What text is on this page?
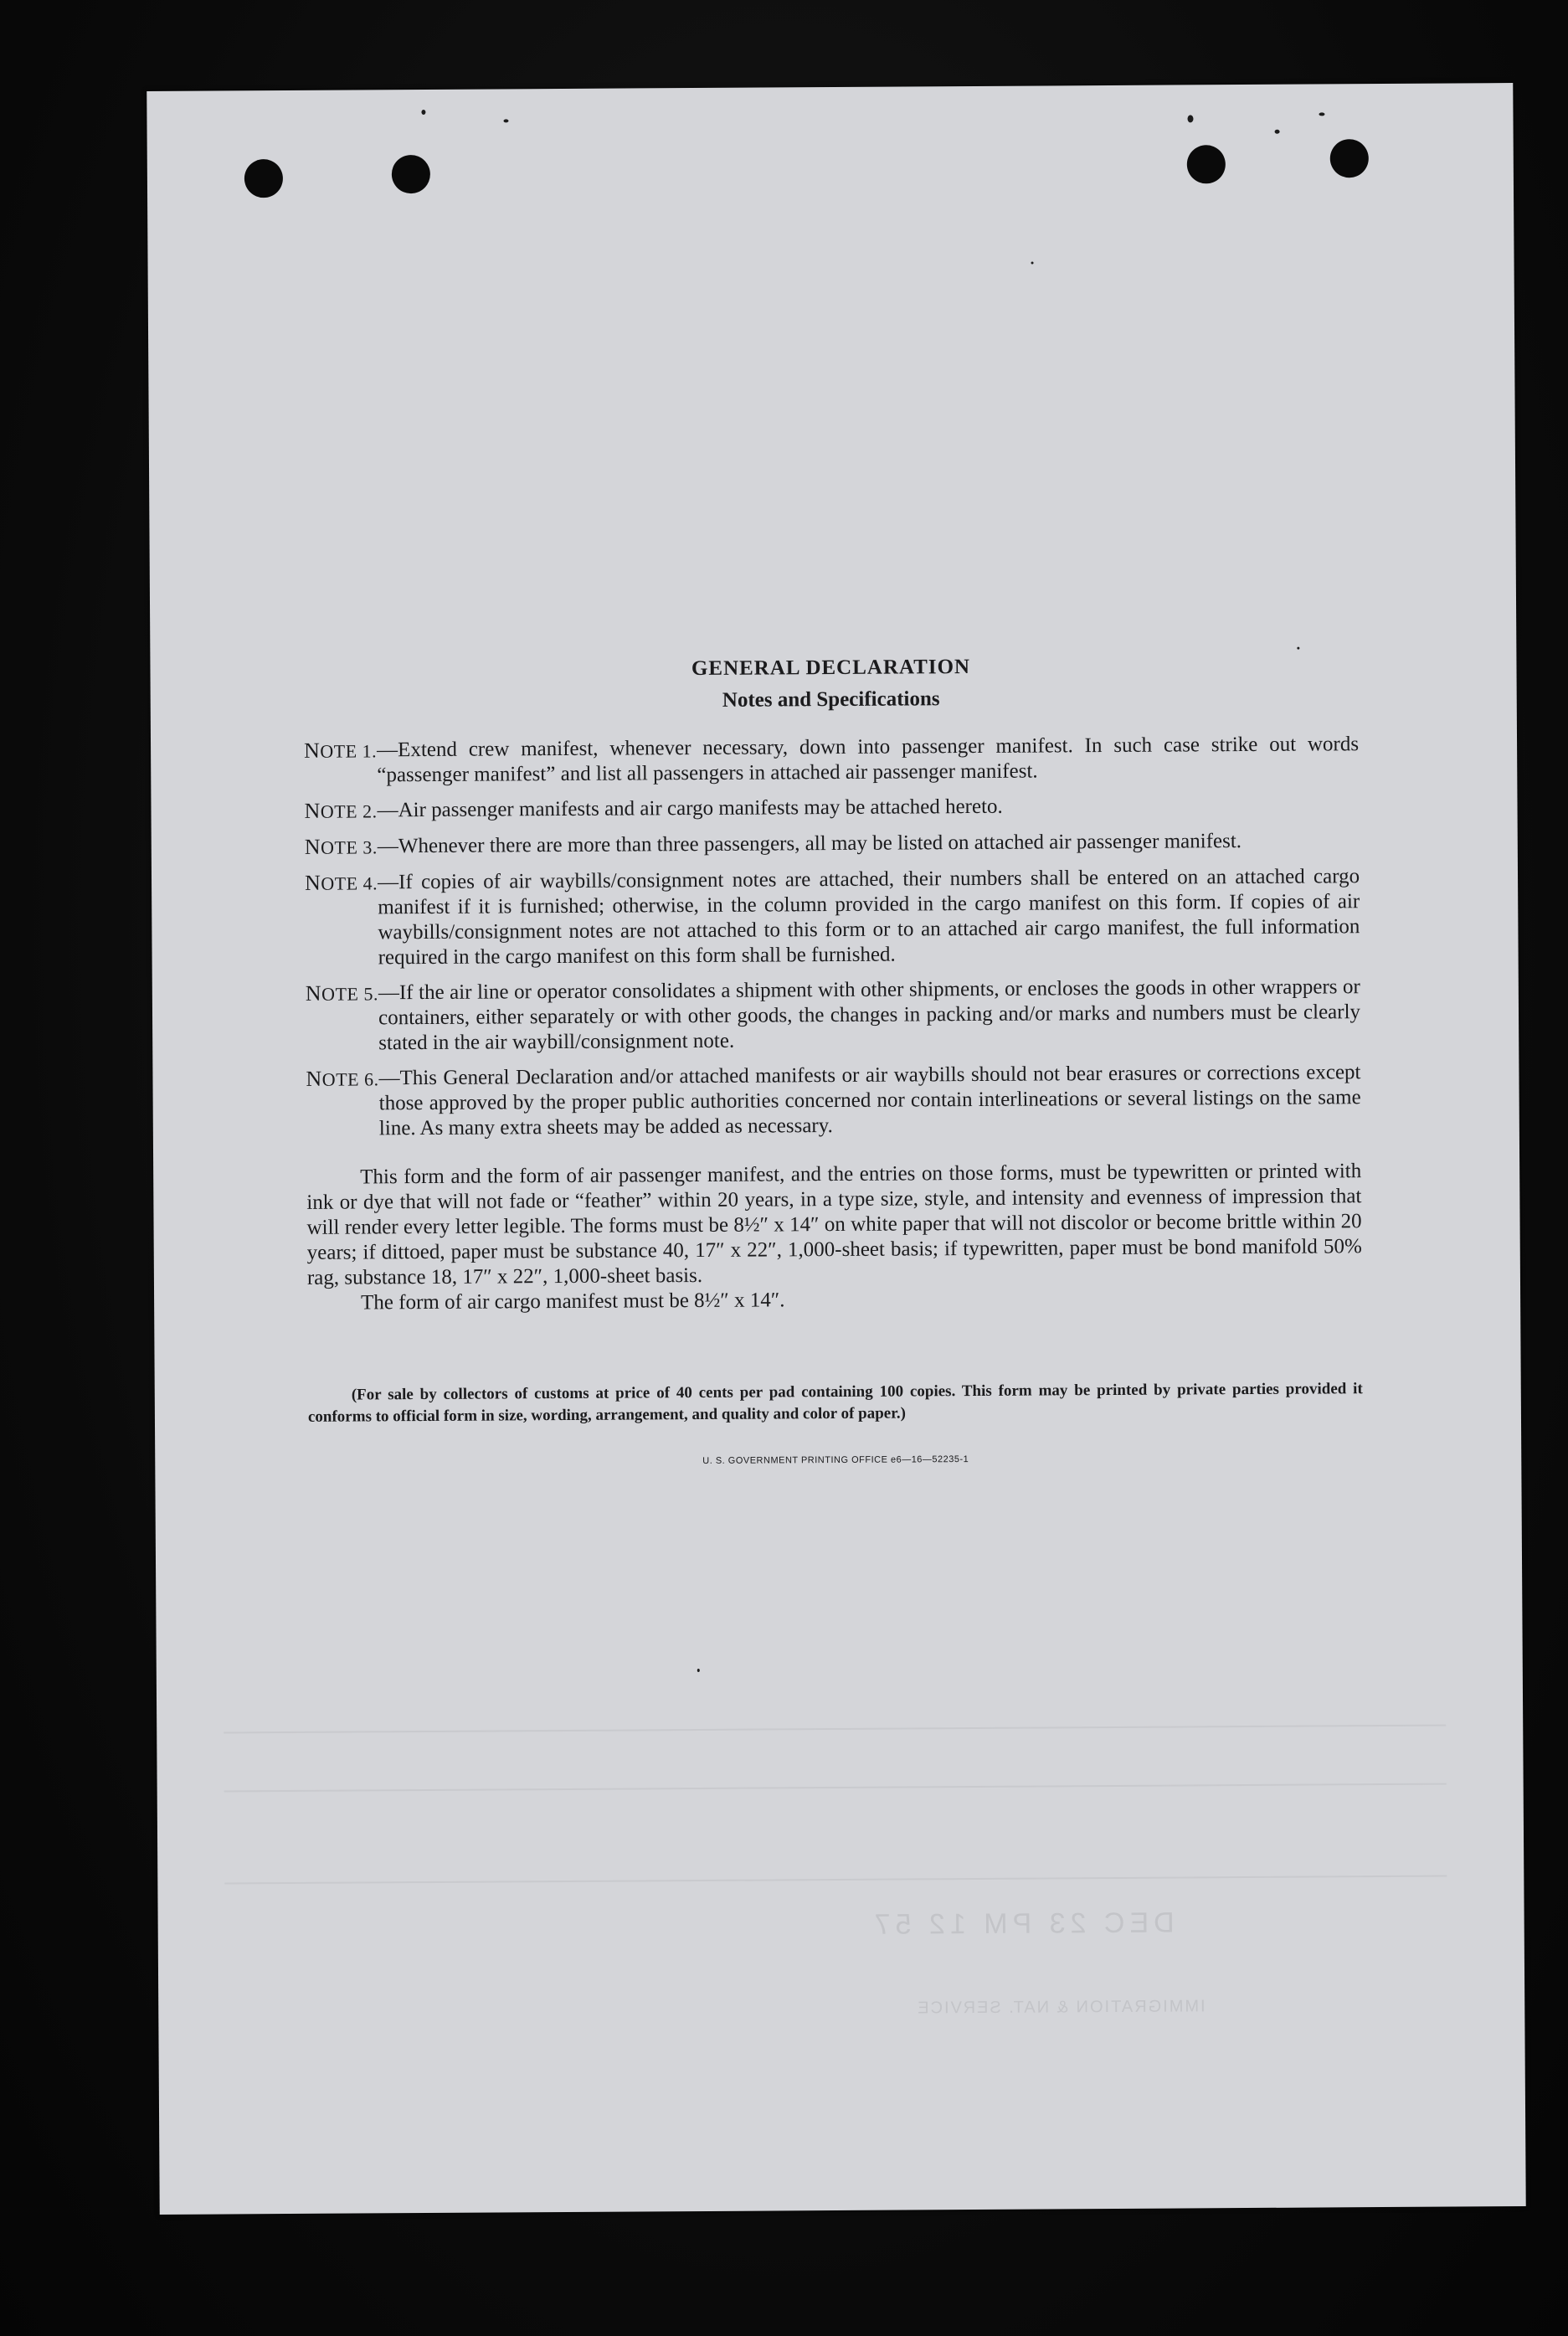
DEC 23 PM 12 57
IMMIGRATION & NAT. SERVICE
GENERAL DECLARATION
Notes and Specifications
NOTE 1. —Extend crew manifest, whenever necessary, down into passenger manifest. In such case strike out words “passenger manifest” and list all passengers in attached air passenger manifest.
NOTE 2. —Air passenger manifests and air cargo manifests may be attached hereto.
NOTE 3. —Whenever there are more than three passengers, all may be listed on attached air passenger manifest.
NOTE 4. —If copies of air waybills/consignment notes are attached, their numbers shall be entered on an attached cargo manifest if it is furnished; otherwise, in the column provided in the cargo manifest on this form. If copies of air waybills/consignment notes are not attached to this form or to an attached air cargo manifest, the full information required in the cargo manifest on this form shall be furnished.
NOTE 5. —If the air line or operator consolidates a shipment with other shipments, or encloses the goods in other wrappers or containers, either separately or with other goods, the changes in packing and/or marks and numbers must be clearly stated in the air waybill/consignment note.
NOTE 6. —This General Declaration and/or attached manifests or air waybills should not bear erasures or corrections except those approved by the proper public authorities concerned nor contain interlineations or several listings on the same line. As many extra sheets may be added as necessary.

This form and the form of air passenger manifest, and the entries on those forms, must be typewritten or printed with ink or dye that will not fade or “feather” within 20 years, in a type size, style, and intensity and evenness of impression that will render every letter legible. The forms must be 8½″ x 14″ on white paper that will not discolor or become brittle within 20 years; if dittoed, paper must be substance 40, 17″ x 22″, 1,000-sheet basis; if typewritten, paper must be bond manifold 50% rag, substance 18, 17″ x 22″, 1,000-sheet basis.

The form of air cargo manifest must be 8½″ x 14″.

(For sale by collectors of customs at price of 40 cents per pad containing 100 copies. This form may be printed by private parties provided it conforms to official form in size, wording, arrangement, and quality and color of paper.)

U. S. GOVERNMENT PRINTING OFFICE e6—16—52235-1
